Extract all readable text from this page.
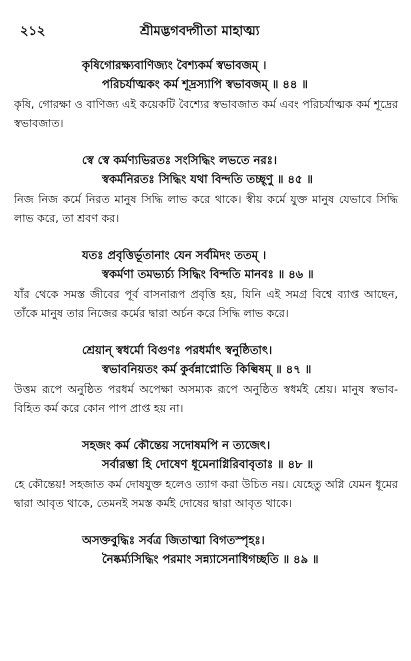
২১২	শ্রীমদ্ভগবদ্গীতা মাহাত্ম্য
কৃষিগোরক্ষ্যবাণিজ্যং বৈশ্যকর্ম স্বভাবজম্ ।
পরিচর্যাত্মকং কর্ম শূদ্রস্যাপি স্বভাবজম্ ॥ ৪৪ ॥
কৃষি, গোরক্ষা ও বাণিজ্য এই কয়েকটি বৈশ্যের স্বভাবজাত কর্ম এবং পরিচর্যাত্মক কর্ম শূদ্রের স্বভাবজাত।
স্বে স্বে কর্মণ্যভিরতঃ সংসিদ্ধিং লভতে নরঃ।
স্বকর্মনিরতঃ সিদ্ধিং যথা বিন্দতি তচ্ছৃণু ॥ ৪৫ ॥
নিজ নিজ কর্মে নিরত মানুষ সিদ্ধি লাভ করে থাকে। স্বীয় কর্মে যুক্ত মানুষ যেভাবে সিদ্ধি লাভ করে, তা শ্রবণ কর।
যতঃ প্রবৃত্তির্ভূতানাং যেন সর্বমিদং ততম্ ।
স্বকর্মণা তমভ্যর্চ্য সিদ্ধিং বিন্দতি মানবঃ ॥ ৪৬ ॥
যাঁর থেকে সমস্ত জীবের পূর্ব বাসনারূপ প্রবৃত্তি হয়, যিনি এই সমগ্র বিশ্বে ব্যাপ্ত আছেন, তাঁকে মানুষ তার নিজের কর্মের দ্বারা অর্চন করে সিদ্ধি লাভ করে।
শ্রেয়ান্ স্বধর্মো বিগুণঃ পরধর্মাৎ স্বনুষ্ঠিতাৎ।
স্বভাবনিয়তং কর্ম কুর্বন্নাপ্নোতি কিল্বিষম্ ॥ ৪৭ ॥
উত্তম রূপে অনুষ্ঠিত পরধর্ম অপেক্ষা অসম্যক রূপে অনুষ্ঠিত স্বধর্মই শ্রেয়। মানুষ স্বভাব-বিহিত কর্ম করে কোন পাপ প্রাপ্ত হয় না।
সহজং কর্ম কৌন্তেয় সদোষমপি ন ত্যজেৎ।
সর্বারম্ভা হি দোষেণ ধূমেনাগ্নিরিবাবৃতাঃ ॥ ৪৮ ॥
হে কৌন্তেয়! সহজাত কর্ম দোষযুক্ত হলেও ত্যাগ করা উচিত নয়। যেহেতু অগ্নি যেমন ধূমের দ্বারা আবৃত থাকে, তেমনই সমস্ত কর্মই দোষের দ্বারা আবৃত থাকে।
অসক্তবুদ্ধিঃ সর্বত্র জিতাত্মা বিগতস্পৃহঃ।
নৈষ্কর্ম্যসিদ্ধিং পরমাং সন্ন্যাসেনাধিগচ্ছতি ॥ ৪৯ ॥
